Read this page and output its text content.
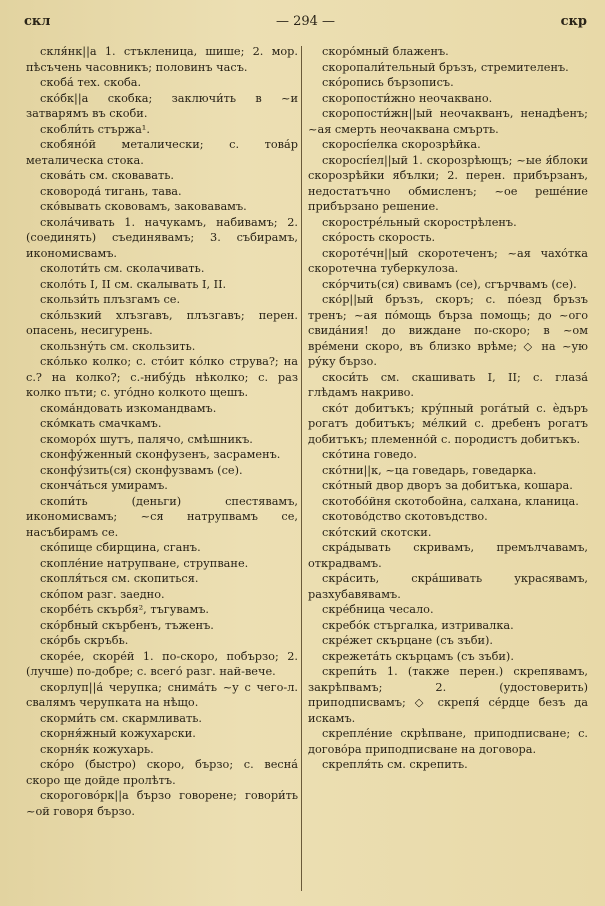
скл	— 294 —	скр
скля́нк||а 1. стъкленица, шише; 2. мор. пѣсъчень часовникъ; половинъ часъ.
скоба́ тех. скоба.
ско́бк||а скобка; заключи́ть в ~и затварямъ въ скоби.
скобли́ть стържа¹.
скобяно́й металически; с. това́р металическа стока.
скова́ть см. сковавать.
сковорода́ тигань, тава.
ско́вывать скововамъ, заковавамъ.
скола́чивать 1. начукамъ, набивамъ; 2. (соединять) съединявамъ; 3. събирамъ, икономисвамъ.
сколоти́ть см. сколачивать.
сколо́ть I, II см. скалывать I, II.
скользи́ть плъзгамъ се.
ско́льзкий хлъзгавъ, плъзгавъ; перен. опасень, несигурень.
скользну́ть см. скользить.
ско́лько колко; с. сто́ит ко́лко струва?; на с.? на колко?; с.-нибу́дь нѣколко; с. раз колко пъти; с. уго́дно колкото щешъ.
скома́ндовать изкомандвамъ.
ско́мкать смачкамъ.
скоморо́х шутъ, палячо, смѣшникъ.
сконфу́женный сконфузенъ, засраменъ.
сконфу́зить(ся) сконфузвамъ (се).
сконча́ться умирамъ.
скопи́ть (деньги) спестявамъ, икономисвамъ; ~ся натрупвамъ се, насъбирамъ се.
ско́пище сбирщина, сганъ.
скопле́ние натрупване, струпване.
скопля́ться см. скопиться.
ско́пом разг. заедно.
скорбе́ть скърбя², тъгувамъ.
ско́рбный скърбенъ, тъженъ.
ско́рбь скръбь.
скоре́е, скоре́й 1. по-скоро, побързо; 2. (лучше) по-добре; с. всего́ разг. най-вече.
скорлуп||а́ черупка; снима́ть ~у с чего-л. свалямъ черупката на нѣщо.
скорми́ть см. скармливать.
скорня́жный кожухарски.
скорня́к кожухарь.
ско́ро (быстро) скоро, бързо; с. весна́ скоро ще дойде пролѣтъ.
скорогово́рк||а бързо говорене; говори́ть ~ой говоря бързо.
скоро́мный блаженъ.
скоропали́тельный бръзъ, стремителенъ.
ско́ропись бързописъ.
скоропости́жно неочаквано.
скоропости́жн||ый неочакванъ, ненадѣенъ; ~ая смерть неочаквана смърть.
скоросп́елка скорозрѣйка.
скоросп́ел||ый 1. скорозрѣющъ; ~ые я́блоки скорозрѣйки ябълки; 2. перен. прибързанъ, недостатъчно обмисленъ; ~ое реше́ние прибързано решение.
скорострéльный скорострѣленъ.
ско́рость скорость.
скороте́чн||ый скоротеченъ; ~ая чахо́тка скоротечна туберкулоза.
ско́рчить(ся) свивамъ (се), сгърчвамъ (се).
ско́р||ый бръзъ, скоръ; с. по́езд бръзъ тренъ; ~ая по́мощь бърза помощь; до ~ого свида́ния! до виждане по-скоро; в ~ом вре́мени скоро, въ близко врѣме; ◇ на ~ую ру́ку бързо.
скоси́ть см. скашивать I, II; с. глаза́ глѣдамъ накриво.
ско́т добитъкъ; кру́пный рога́тый с. ѐдъръ рогатъ добитъкъ; ме́лкий с. дребенъ рогатъ добитъкъ; племенно́й с. породистъ добитъкъ.
ско́тина говедо.
ско́тни||к, ~ца говедарь, говедарка.
ско́тный двор дворъ за добитъка, кошара.
скотобо́йня скотобойна, салхана, кланица.
скотово́дство скотовъдство.
ско́тский скотски.
скра́дывать скривамъ, премълчавамъ, открадвамъ.
скра́сить, скра́шивать украсявамъ, разхубавявамъ.
скре́бница чесало.
скребо́к стъргалка, изтривалка.
скре́жет скърцане (съ зъби).
скрежета́ть скърцамъ (съ зъби).
скрепи́ть 1. (также перен.) скрепявамъ, закрѣпвамъ; 2. (удостоверить) приподписвамъ; ◇ скрепя́ се́рдце безъ да искамъ.
скрепле́ние скрѣпване, приподписване; с. догово́ра приподписване на договора.
скрепля́ть см. скрепить.
